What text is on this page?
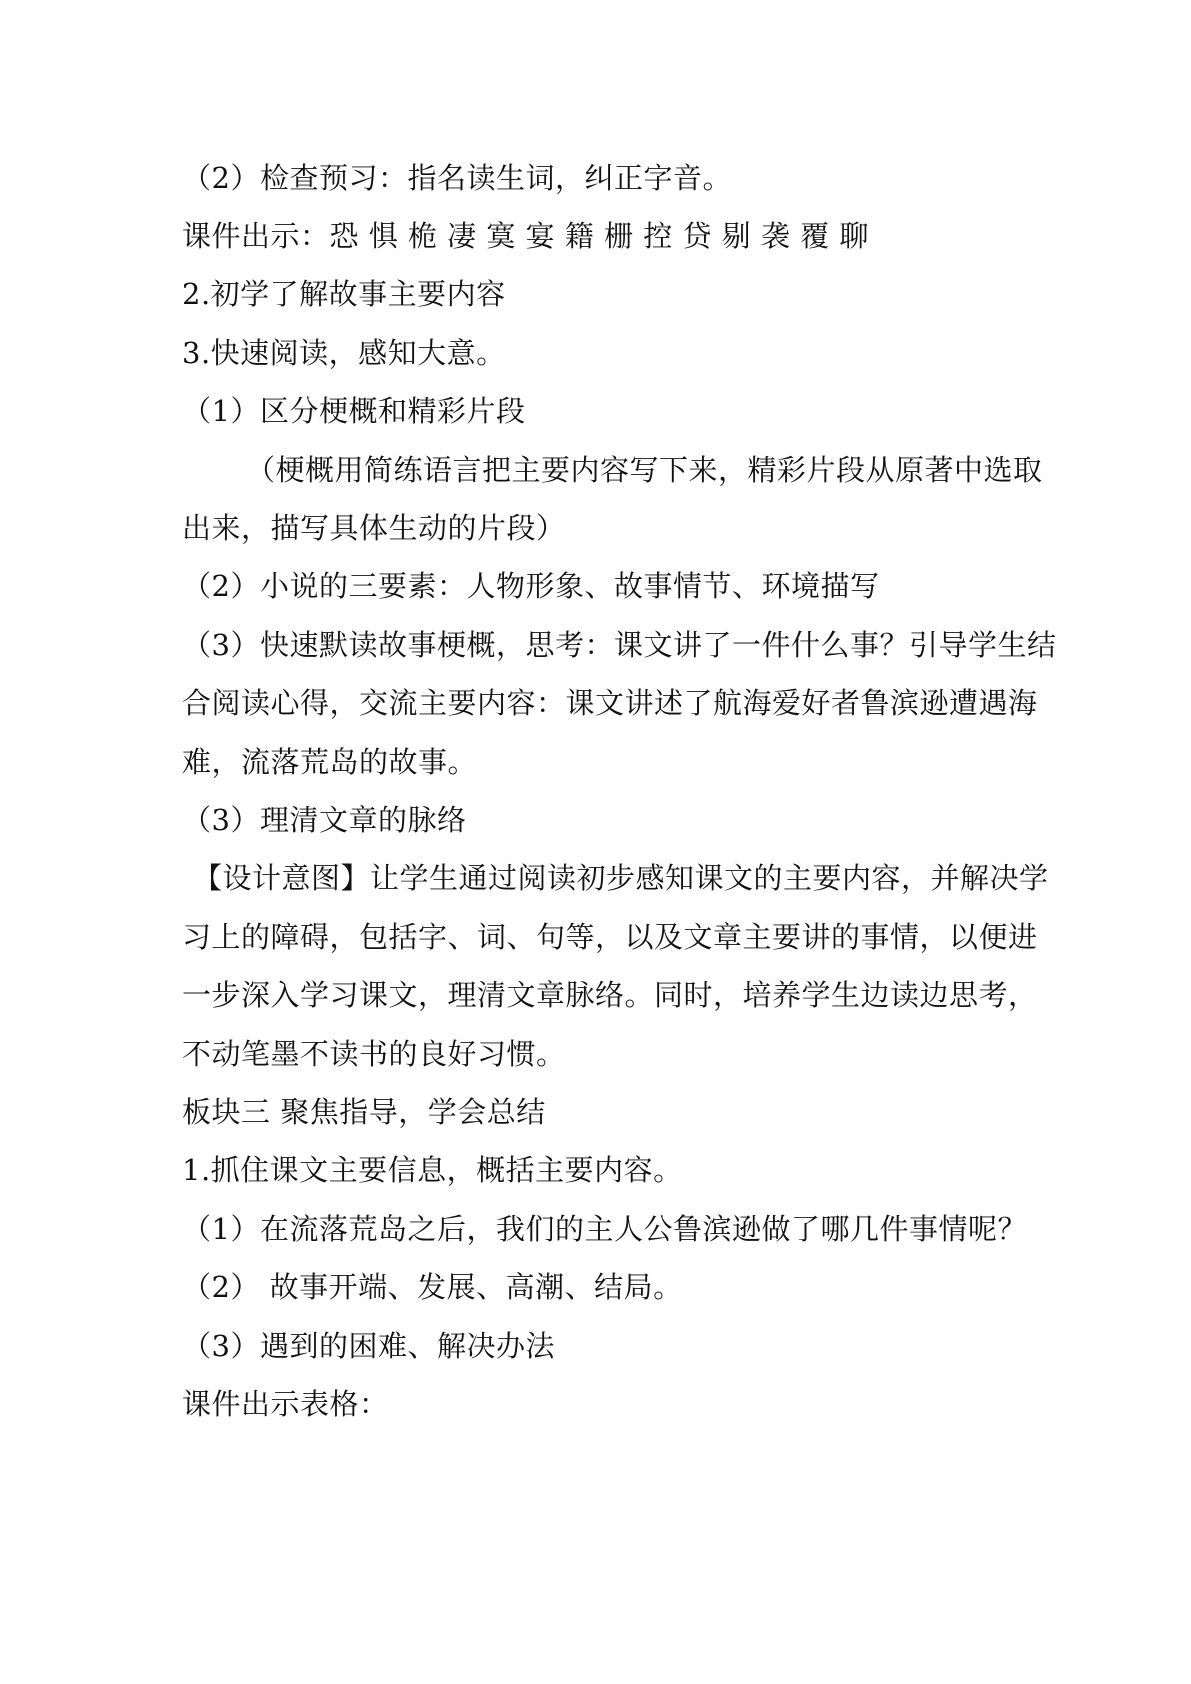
（2）检查预习：指名读生词，纠正字音。
课件出示：恐 惧 桅 凄 寞 宴 籍 栅 控 贷 剔 袭 覆 聊
2.初学了解故事主要内容
3.快速阅读，感知大意。
（1）区分梗概和精彩片段
（梗概用简练语言把主要内容写下来，精彩片段从原著中选取
出来，描写具体生动的片段）
（2）小说的三要素：人物形象、故事情节、环境描写
（3）快速默读故事梗概，思考：课文讲了一件什么事？引导学生结
合阅读心得，交流主要内容：课文讲述了航海爱好者鲁滨逊遭遇海
难，流落荒岛的故事。
（3）理清文章的脉络
【设计意图】让学生通过阅读初步感知课文的主要内容，并解决学
习上的障碍，包括字、词、句等，以及文章主要讲的事情，以便进
一步深入学习课文，理清文章脉络。同时，培养学生边读边思考，
不动笔墨不读书的良好习惯。
板块三 聚焦指导，学会总结
1.抓住课文主要信息，概括主要内容。
（1）在流落荒岛之后，我们的主人公鲁滨逊做了哪几件事情呢？
（2） 故事开端、发展、高潮、结局。
（3）遇到的困难、解决办法
课件出示表格：
